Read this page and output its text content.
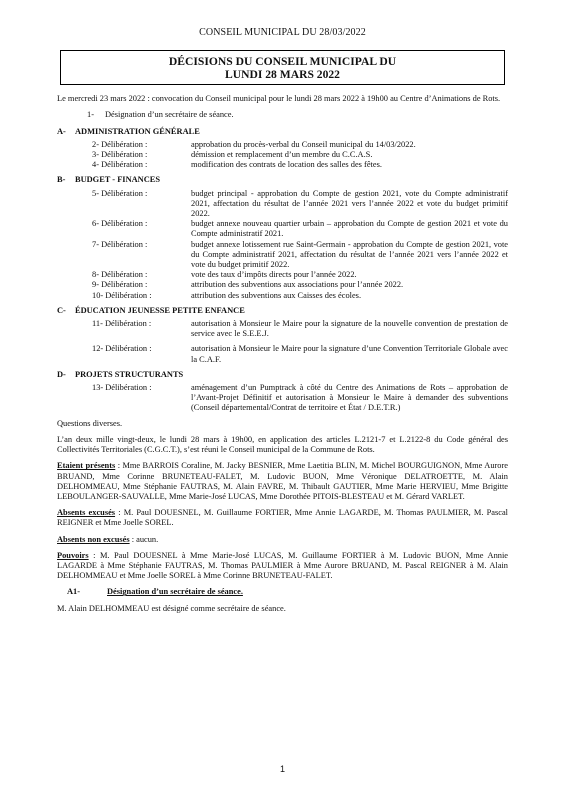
CONSEIL MUNICIPAL DU 28/03/2022
DÉCISIONS DU CONSEIL MUNICIPAL DU
LUNDI 28 MARS 2022

Le mercredi 23 mars 2022 : convocation du Conseil municipal pour le lundi 28 mars 2022 à 19h00 au Centre d’Animations de Rots.

1-	Désignation d’un secrétaire de séance.
A-	ADMINISTRATION GÉNÉRALE
2- Délibération :	approbation du procès-verbal du Conseil municipal du 14/03/2022.
3- Délibération :	démission et remplacement d’un membre du C.C.A.S.
4- Délibération :	modification des contrats de location des salles des fêtes.
B-	BUDGET - FINANCES
5- Délibération :	budget principal - approbation du Compte de gestion 2021, vote du Compte administratif 2021, affectation du résultat de l’année 2021 vers l’année 2022 et vote du budget primitif 2022.
6- Délibération :	budget annexe nouveau quartier urbain – approbation du Compte de gestion 2021 et vote du Compte administratif 2021.
7- Délibération :	budget annexe lotissement rue Saint-Germain - approbation du Compte de gestion 2021, vote du Compte administratif 2021, affectation du résultat de l’année 2021 vers l’année 2022 et vote du budget primitif 2022.
8- Délibération :	vote des taux d’impôts directs pour l’année 2022.
9- Délibération :	attribution des subventions aux associations pour l’année 2022.
10- Délibération :	attribution des subventions aux Caisses des écoles.
C-	ÉDUCATION JEUNESSE PETITE ENFANCE
11- Délibération :	autorisation à Monsieur le Maire pour la signature de la nouvelle convention de prestation de service avec le S.E.E.J.
12- Délibération :	autorisation à Monsieur le Maire pour la signature d’une Convention Territoriale Globale avec la C.A.F.
D-	PROJETS STRUCTURANTS
13- Délibération :	aménagement d’un Pumptrack à côté du Centre des Animations de Rots – approbation de l’Avant-Projet Définitif et autorisation à Monsieur le Maire à demander des subventions (Conseil départemental/Contrat de territoire et État / D.E.T.R.)

Questions diverses.

L’an deux mille vingt-deux, le lundi 28 mars à 19h00, en application des articles L.2121-7 et L.2122-8 du Code général des Collectivités Territoriales (C.G.C.T.), s’est réuni le Conseil municipal de la Commune de Rots.

Etaient présents : Mme BARROIS Coraline, M. Jacky BESNIER, Mme Laetitia BLIN, M. Michel BOURGUIGNON, Mme Aurore BRUAND, Mme Corinne BRUNETEAU-FALET, M. Ludovic BUON, Mme Véronique DELATROETTE, M. Alain DELHOMMEAU, Mme Stéphanie FAUTRAS, M. Alain FAVRE, M. Thibault GAUTIER, Mme Marie HERVIEU, Mme Brigitte LEBOULANGER-SAUVALLE, Mme Marie-José LUCAS, Mme Dorothée PITOIS-BLESTEAU et M. Gérard VARLET.

Absents excusés : M. Paul DOUESNEL, M. Guillaume FORTIER, Mme Annie LAGARDE, M. Thomas PAULMIER, M. Pascal REIGNER et Mme Joelle SOREL.

Absents non excusés : aucun.

Pouvoirs : M. Paul DOUESNEL à Mme Marie-José LUCAS, M. Guillaume FORTIER à M. Ludovic BUON, Mme Annie LAGARDE à Mme Stéphanie FAUTRAS, M. Thomas PAULMIER à Mme Aurore BRUAND, M. Pascal REIGNER à M. Alain DELHOMMEAU et Mme Joelle SOREL à Mme Corinne BRUNETEAU-FALET.

A1-	Désignation d’un secrétaire de séance.

M. Alain DELHOMMEAU est désigné comme secrétaire de séance.

1
